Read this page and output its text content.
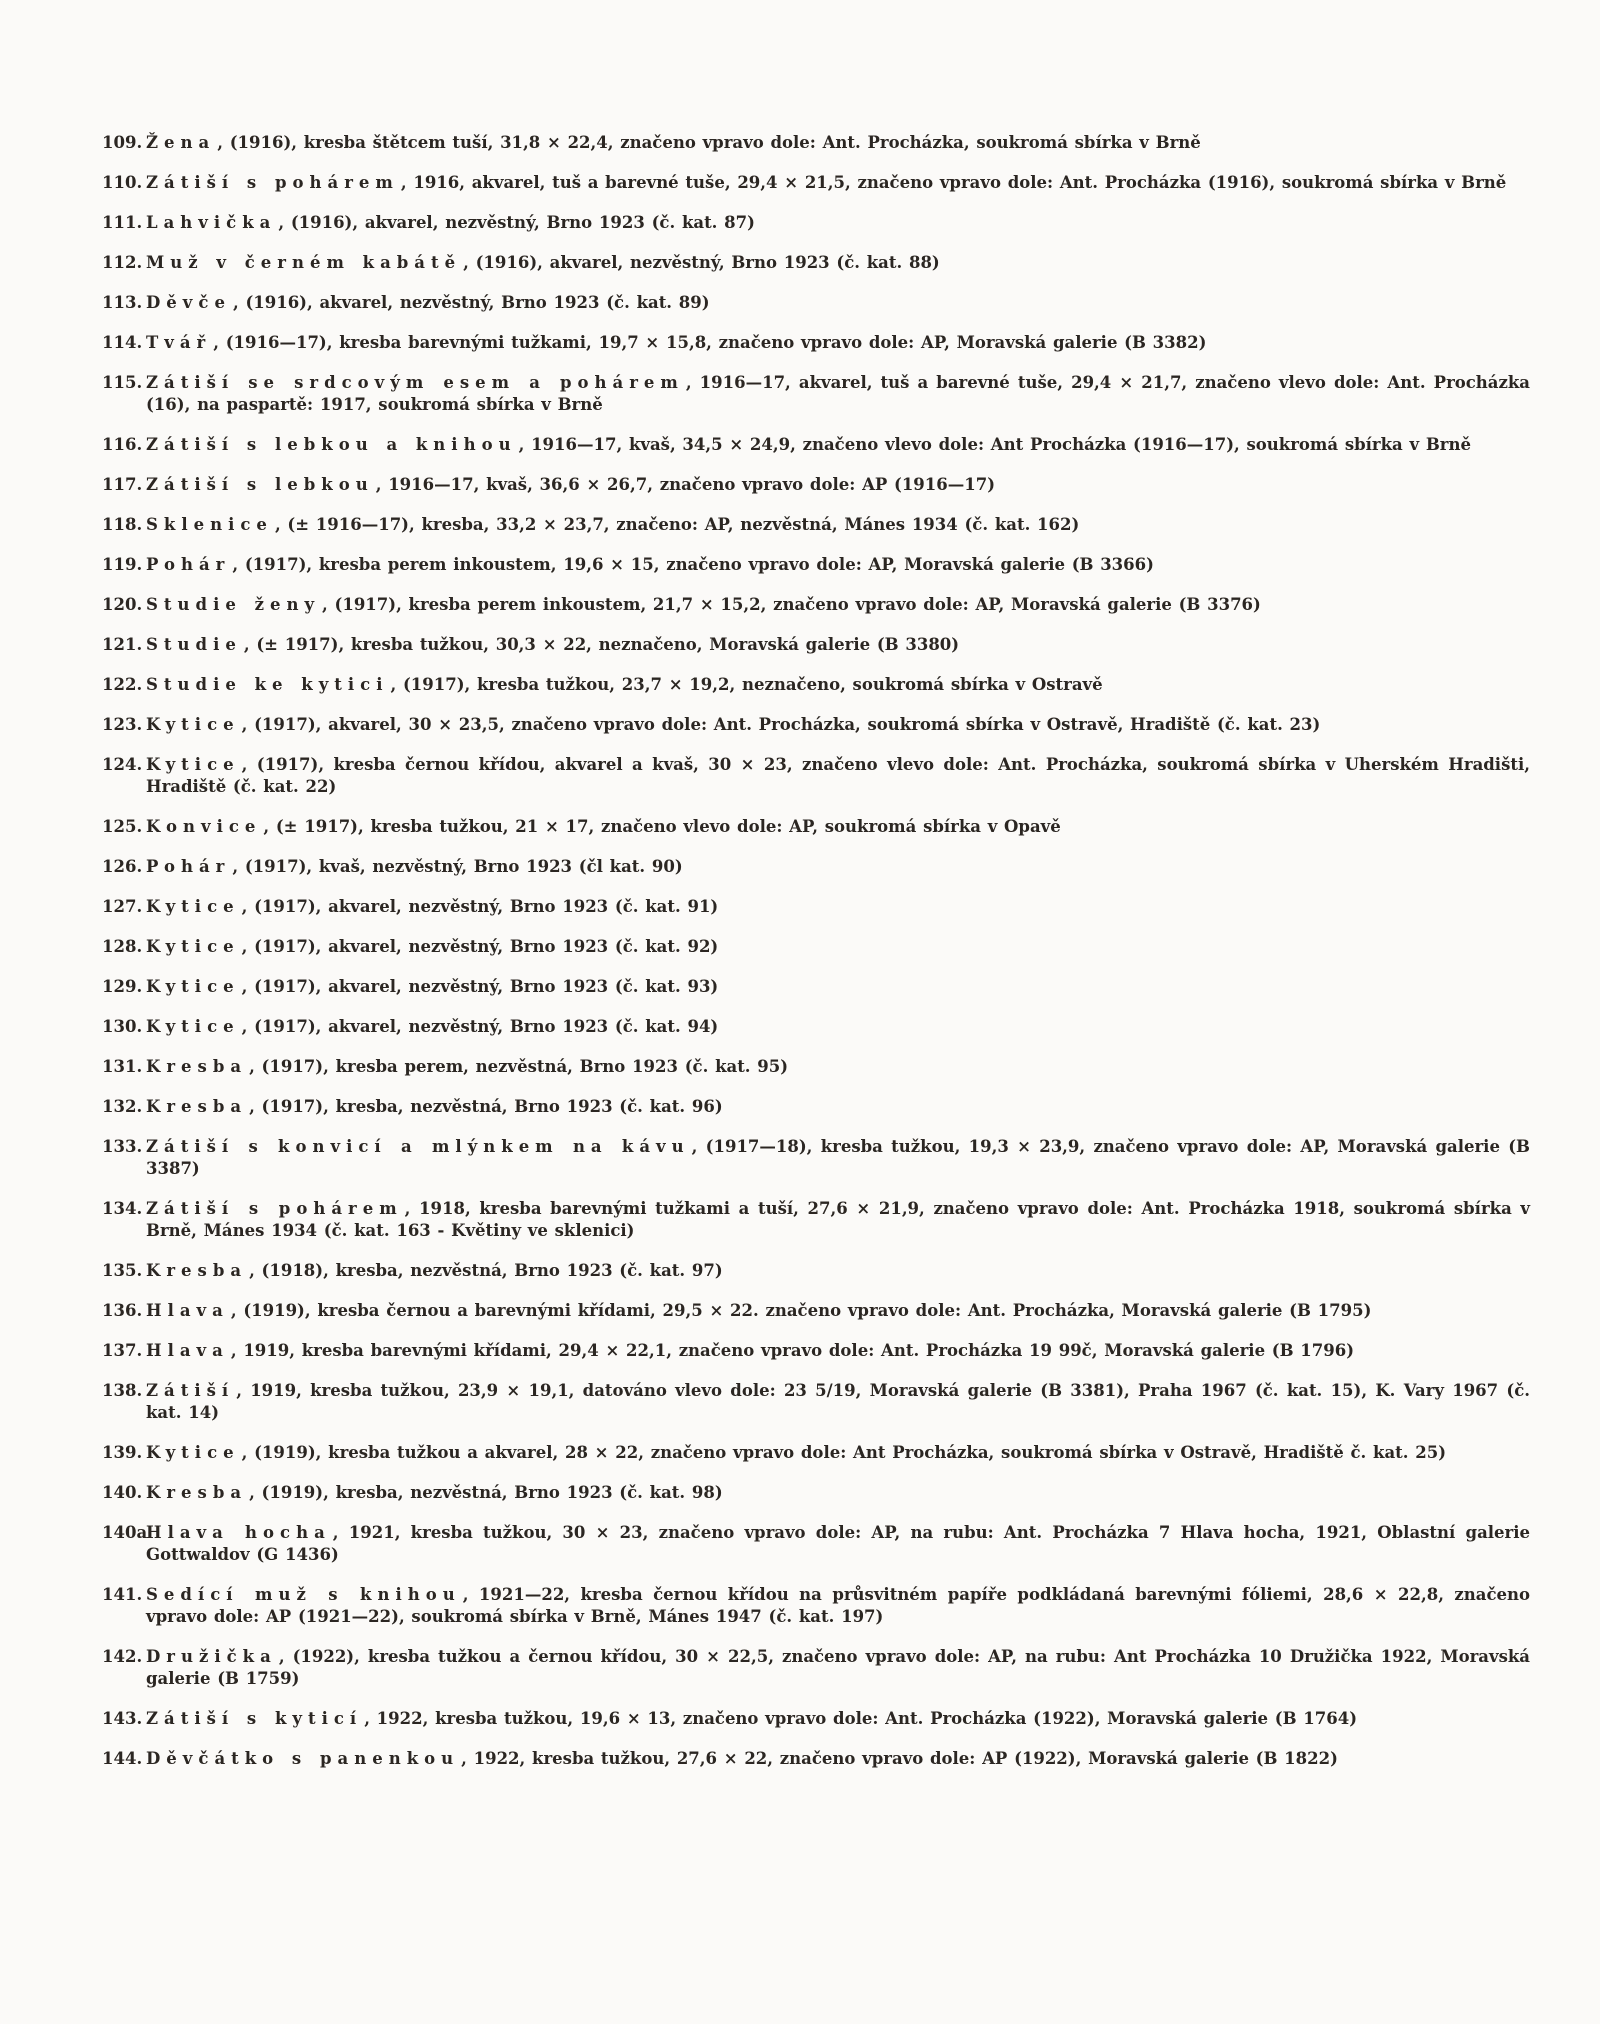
109. Žena , (1916), kresba štětcem tuší, 31,8 × 22,4, značeno vpravo dole: Ant. Procházka, soukromá sbírka v Brně
110. Zátiší s pohárem , 1916, akvarel, tuš a barevné tuše, 29,4 × 21,5, značeno vpravo dole: Ant. Procházka (1916), soukromá sbírka v Brně
111. Lahvička , (1916), akvarel, nezvěstný, Brno 1923 (č. kat. 87)
112. Muž v černém kabátě , (1916), akvarel, nezvěstný, Brno 1923 (č. kat. 88)
113. Děvče , (1916), akvarel, nezvěstný, Brno 1923 (č. kat. 89)
114. Tvář , (1916—17), kresba barevnými tužkami, 19,7 × 15,8, značeno vpravo dole: AP, Moravská galerie (B 3382)
115. Zátiší se srdcovým esem a pohárem , 1916—17, akvarel, tuš a barevné tuše, 29,4 × 21,7, značeno vlevo dole: Ant. Procházka (16), na paspartě: 1917, soukromá sbírka v Brně
116. Zátiší s lebkou a knihou , 1916—17, kvaš, 34,5 × 24,9, značeno vlevo dole: Ant Procházka (1916—17), soukromá sbírka v Brně
117. Zátiší s lebkou , 1916—17, kvaš, 36,6 × 26,7, značeno vpravo dole: AP (1916—17)
118. Sklenice , (± 1916—17), kresba, 33,2 × 23,7, značeno: AP, nezvěstná, Mánes 1934 (č. kat. 162)
119. Pohár , (1917), kresba perem inkoustem, 19,6 × 15, značeno vpravo dole: AP, Moravská galerie (B 3366)
120. Studie ženy , (1917), kresba perem inkoustem, 21,7 × 15,2, značeno vpravo dole: AP, Moravská galerie (B 3376)
121. Studie , (± 1917), kresba tužkou, 30,3 × 22, neznačeno, Moravská galerie (B 3380)
122. Studie ke kytici , (1917), kresba tužkou, 23,7 × 19,2, neznačeno, soukromá sbírka v Ostravě
123. Kytice , (1917), akvarel, 30 × 23,5, značeno vpravo dole: Ant. Procházka, soukromá sbírka v Ostravě, Hradiště (č. kat. 23)
124. Kytice , (1917), kresba černou křídou, akvarel a kvaš, 30 × 23, značeno vlevo dole: Ant. Procházka, soukromá sbírka v Uherském Hradišti, Hradiště (č. kat. 22)
125. Konvice , (± 1917), kresba tužkou, 21 × 17, značeno vlevo dole: AP, soukromá sbírka v Opavě
126. Pohár , (1917), kvaš, nezvěstný, Brno 1923 (čl kat. 90)
127. Kytice , (1917), akvarel, nezvěstný, Brno 1923 (č. kat. 91)
128. Kytice , (1917), akvarel, nezvěstný, Brno 1923 (č. kat. 92)
129. Kytice , (1917), akvarel, nezvěstný, Brno 1923 (č. kat. 93)
130. Kytice , (1917), akvarel, nezvěstný, Brno 1923 (č. kat. 94)
131. Kresba , (1917), kresba perem, nezvěstná, Brno 1923 (č. kat. 95)
132. Kresba , (1917), kresba, nezvěstná, Brno 1923 (č. kat. 96)
133. Zátiší s konvicí a mlýnkem na kávu , (1917—18), kresba tužkou, 19,3 × 23,9, značeno vpravo dole: AP, Moravská galerie (B 3387)
134. Zátiší s pohárem , 1918, kresba barevnými tužkami a tuší, 27,6 × 21,9, značeno vpravo dole: Ant. Procházka 1918, soukromá sbírka v Brně, Mánes 1934 (č. kat. 163 - Květiny ve sklenici)
135. Kresba , (1918), kresba, nezvěstná, Brno 1923 (č. kat. 97)
136. Hlava , (1919), kresba černou a barevnými křídami, 29,5 × 22. značeno vpravo dole: Ant. Procházka, Moravská galerie (B 1795)
137. Hlava , 1919, kresba barevnými křídami, 29,4 × 22,1, značeno vpravo dole: Ant. Procházka 19 99č, Moravská galerie (B 1796)
138. Zátiší , 1919, kresba tužkou, 23,9 × 19,1, datováno vlevo dole: 23 5/19, Moravská galerie (B 3381), Praha 1967 (č. kat. 15), K. Vary 1967 (č. kat. 14)
139. Kytice , (1919), kresba tužkou a akvarel, 28 × 22, značeno vpravo dole: Ant Procházka, soukromá sbírka v Ostravě, Hradiště č. kat. 25)
140. Kresba , (1919), kresba, nezvěstná, Brno 1923 (č. kat. 98)
140a
Hlava hocha , 1921, kresba tužkou, 30 × 23, značeno vpravo dole: AP, na rubu: Ant. Procházka 7 Hlava hocha, 1921, Oblastní galerie Gottwaldov (G 1436)
141. Sedící muž s knihou , 1921—22, kresba černou křídou na průsvitném papíře podkládaná barevnými fóliemi, 28,6 × 22,8, značeno vpravo dole: AP (1921—22), soukromá sbírka v Brně, Mánes 1947 (č. kat. 197)
142. Družička , (1922), kresba tužkou a černou křídou, 30 × 22,5, značeno vpravo dole: AP, na rubu: Ant Procházka 10 Družička 1922, Moravská galerie (B 1759)
143. Zátiší s kyticí , 1922, kresba tužkou, 19,6 × 13, značeno vpravo dole: Ant. Procházka (1922), Moravská galerie (B 1764)
144. Děvčátko s panenkou , 1922, kresba tužkou, 27,6 × 22, značeno vpravo dole: AP (1922), Moravská galerie (B 1822)
